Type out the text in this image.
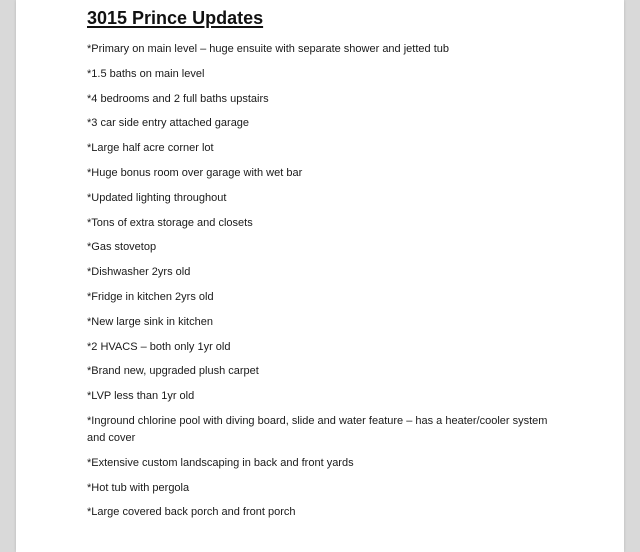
3015 Prince Updates
*Primary on main level – huge ensuite with separate shower and jetted tub
*1.5 baths on main level
*4 bedrooms and 2 full baths upstairs
*3 car side entry attached garage
*Large half acre corner lot
*Huge bonus room over garage with wet bar
*Updated lighting throughout
*Tons of extra storage and closets
*Gas stovetop
*Dishwasher 2yrs old
*Fridge in kitchen 2yrs old
*New large sink in kitchen
*2 HVACS – both only 1yr old
*Brand new, upgraded plush carpet
*LVP less than 1yr old
*Inground chlorine pool with diving board, slide and water feature – has a heater/cooler system and cover
*Extensive custom landscaping in back and front yards
*Hot tub with pergola
*Large covered back porch and front porch
